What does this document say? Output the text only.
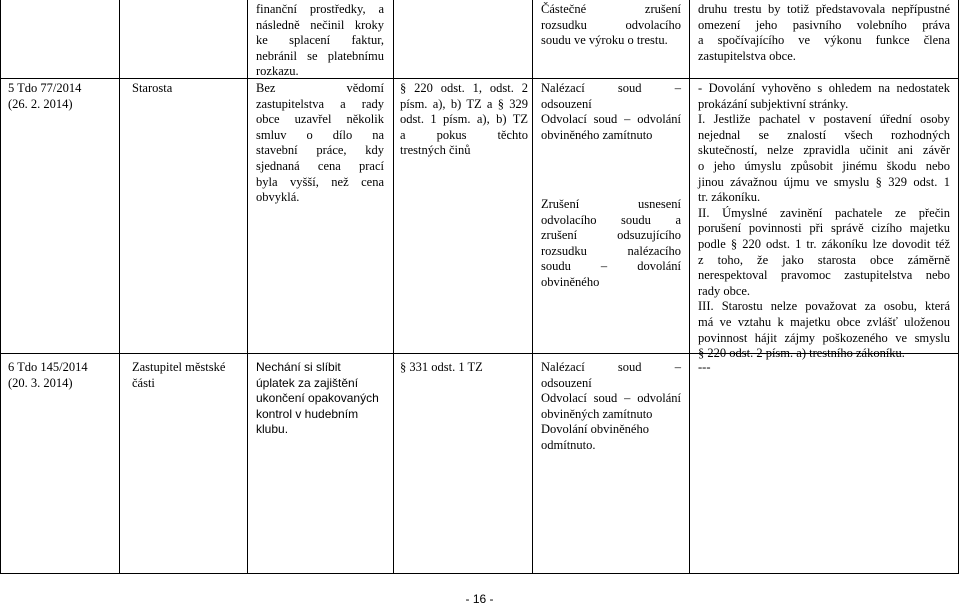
finanční prostředky, a

následně nečinil kroky

ke splacení faktur,

nebránil se platebnímu

rozkazu.

Částečné zrušení

rozsudku odvolacího

soudu ve výroku o trestu.

druhu trestu by totiž představovala nepřípustné

omezení jeho pasivního volebního práva

a spočívajícího ve výkonu funkce člena

zastupitelstva obce.

5 Tdo 77/2014

(26. 2. 2014)

Starosta	Bez vědomí

zastupitelstva a rady

obce uzavřel několik

smluv o dílo na

stavební práce, kdy

sjednaná cena prací

byla vyšší, než cena

obvyklá.

§ 220 odst. 1, odst. 2

písm. a), b) TZ a § 329

odst. 1 písm. a), b) TZ

a pokus těchto

trestných činů

Nalézací soud –

odsouzení

Odvolací soud – odvolání

obviněného zamítnuto

Zrušení usnesení

odvolacího soudu a

zrušení odsuzujícího

rozsudku nalézacího

soudu – dovolání

obviněného

- Dovolání vyhověno s ohledem na nedostatek

prokázání subjektivní stránky.

I. Jestliže pachatel v postavení úřední osoby

nejednal se znalostí všech rozhodných

skutečností, nelze zpravidla učinit ani závěr

o jeho úmyslu způsobit jinému škodu nebo

jinou závažnou újmu ve smyslu § 329 odst. 1

tr. zákoníku.

II. Úmyslné zavinění pachatele ze přečin

porušení povinnosti při správě cizího majetku

podle § 220 odst. 1 tr. zákoníku lze dovodit též

z toho, že jako starosta obce záměrně

nerespektoval pravomoc zastupitelstva nebo

rady obce.

III. Starostu nelze považovat za osobu, která

má ve vztahu k majetku obce zvlášť uloženou

povinnost hájit zájmy poškozeného ve smyslu

§ 220 odst. 2 písm. a) trestního zákoníku.

6 Tdo 145/2014

(20. 3. 2014)

Zastupitel městské

části

Nechání si slíbit

úplatek za zajištění

ukončení opakovaných

kontrol v hudebním

klubu.

§ 331 odst. 1 TZ	Nalézací soud –

odsouzení

Odvolací soud – odvolání

obviněných zamítnuto

Dovolání obviněného

odmítnuto.

---

- 16 -
